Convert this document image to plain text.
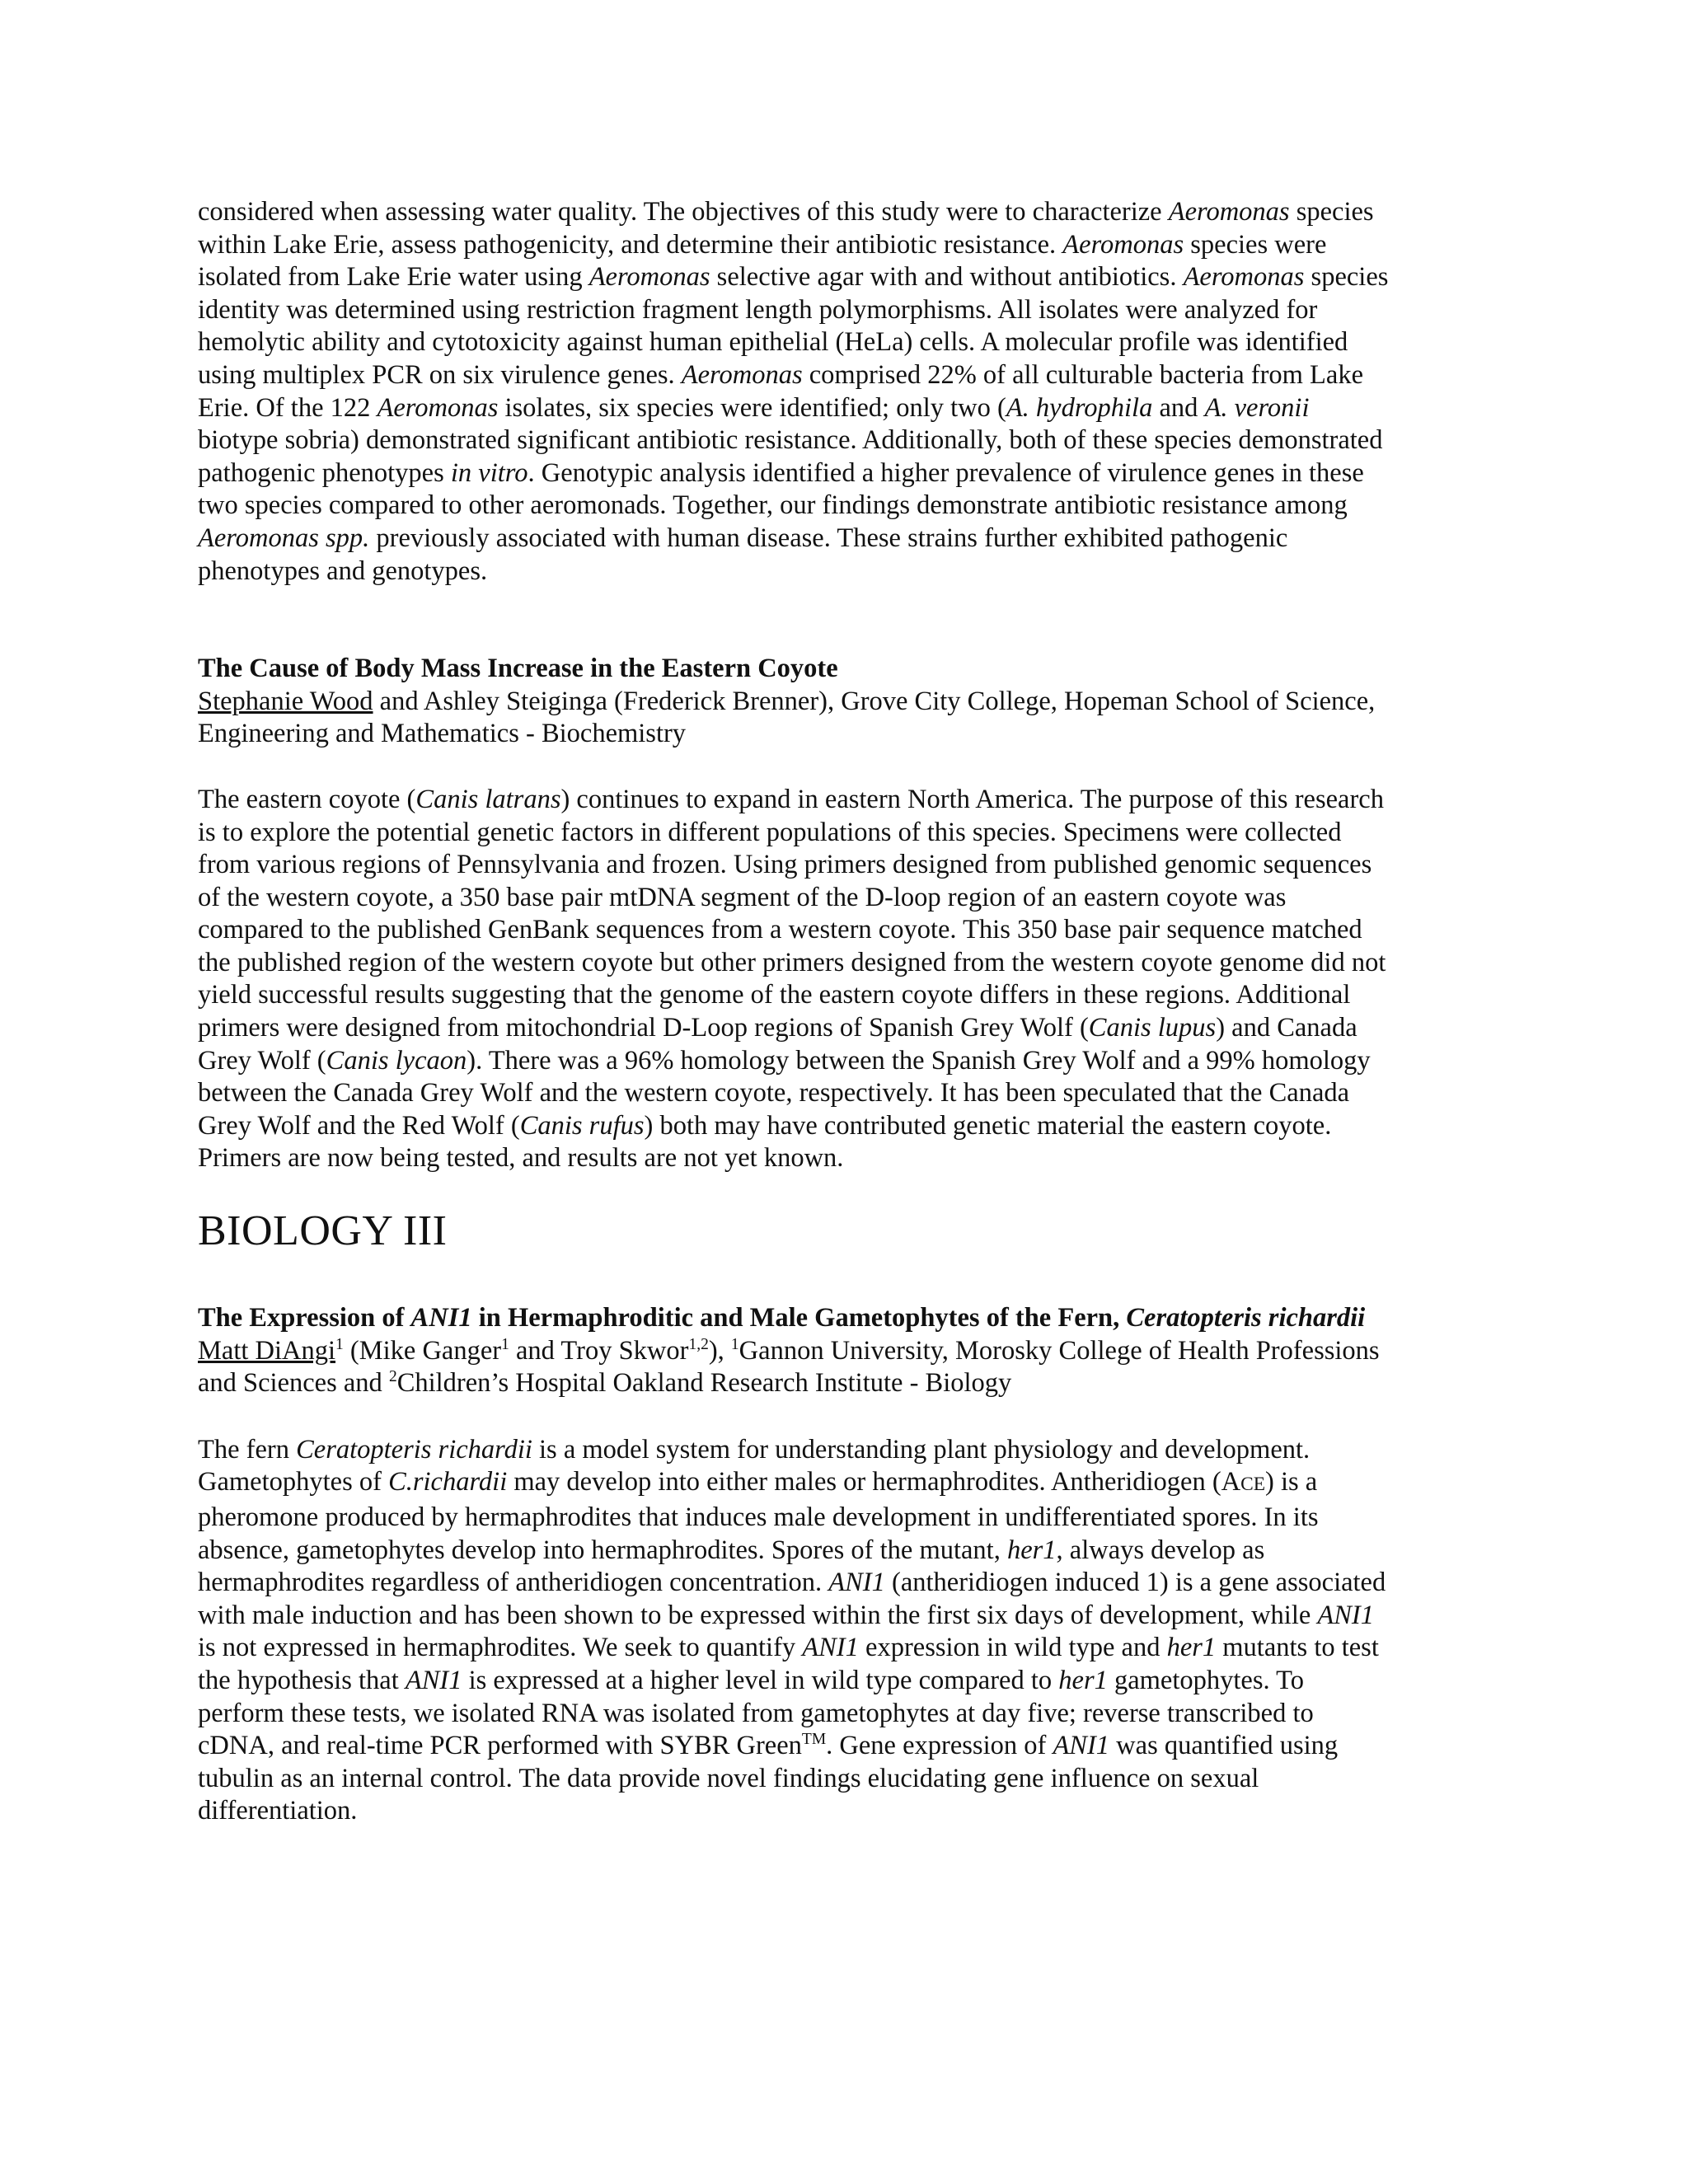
considered when assessing water quality. The objectives of this study were to characterize Aeromonas species
within Lake Erie, assess pathogenicity, and determine their antibiotic resistance. Aeromonas species were
isolated from Lake Erie water using Aeromonas selective agar with and without antibiotics. Aeromonas species
identity was determined using restriction fragment length polymorphisms. All isolates were analyzed for
hemolytic ability and cytotoxicity against human epithelial (HeLa) cells. A molecular profile was identified
using multiplex PCR on six virulence genes. Aeromonas comprised 22% of all culturable bacteria from Lake
Erie. Of the 122 Aeromonas isolates, six species were identified; only two (A. hydrophila and A. veronii
biotype sobria) demonstrated significant antibiotic resistance. Additionally, both of these species demonstrated
pathogenic phenotypes in vitro. Genotypic analysis identified a higher prevalence of virulence genes in these
two species compared to other aeromonads. Together, our findings demonstrate antibiotic resistance among
Aeromonas spp. previously associated with human disease. These strains further exhibited pathogenic
phenotypes and genotypes.
The Cause of Body Mass Increase in the Eastern Coyote
Stephanie Wood and Ashley Steiginga (Frederick Brenner), Grove City College, Hopeman School of Science,
Engineering and Mathematics - Biochemistry
The eastern coyote (Canis latrans) continues to expand in eastern North America. The purpose of this research
is to explore the potential genetic factors in different populations of this species. Specimens were collected
from various regions of Pennsylvania and frozen. Using primers designed from published genomic sequences
of the western coyote, a 350 base pair mtDNA segment of the D-loop region of an eastern coyote was
compared to the published GenBank sequences from a western coyote. This 350 base pair sequence matched
the published region of the western coyote but other primers designed from the western coyote genome did not
yield successful results suggesting that the genome of the eastern coyote differs in these regions. Additional
primers were designed from mitochondrial D-Loop regions of Spanish Grey Wolf (Canis lupus) and Canada
Grey Wolf (Canis lycaon). There was a 96% homology between the Spanish Grey Wolf and a 99% homology
between the Canada Grey Wolf and the western coyote, respectively. It has been speculated that the Canada
Grey Wolf and the Red Wolf (Canis rufus) both may have contributed genetic material the eastern coyote.
Primers are now being tested, and results are not yet known.
BIOLOGY III
The Expression of ANI1 in Hermaphroditic and Male Gametophytes of the Fern, Ceratopteris richardii
Matt DiAngi$^1$ (Mike Ganger$^1$ and Troy Skwor$^{1,2}$), $^1$Gannon University, Morosky College of Health Professions
and Sciences and $^2$Children’s Hospital Oakland Research Institute - Biology
The fern Ceratopteris richardii is a model system for understanding plant physiology and development.
Gametophytes of C.richardii may develop into either males or hermaphrodites. Antheridiogen (ACE) is a
pheromone produced by hermaphrodites that induces male development in undifferentiated spores. In its
absence, gametophytes develop into hermaphrodites. Spores of the mutant, her1, always develop as
hermaphrodites regardless of antheridiogen concentration. ANI1 (antheridiogen induced 1) is a gene associated
with male induction and has been shown to be expressed within the first six days of development, while ANI1
is not expressed in hermaphrodites. We seek to quantify ANI1 expression in wild type and her1 mutants to test
the hypothesis that ANI1 is expressed at a higher level in wild type compared to her1 gametophytes. To
perform these tests, we isolated RNA was isolated from gametophytes at day five; reverse transcribed to
cDNA, and real-time PCR performed with SYBR Green™. Gene expression of ANI1 was quantified using
tubulin as an internal control. The data provide novel findings elucidating gene influence on sexual
differentiation.
